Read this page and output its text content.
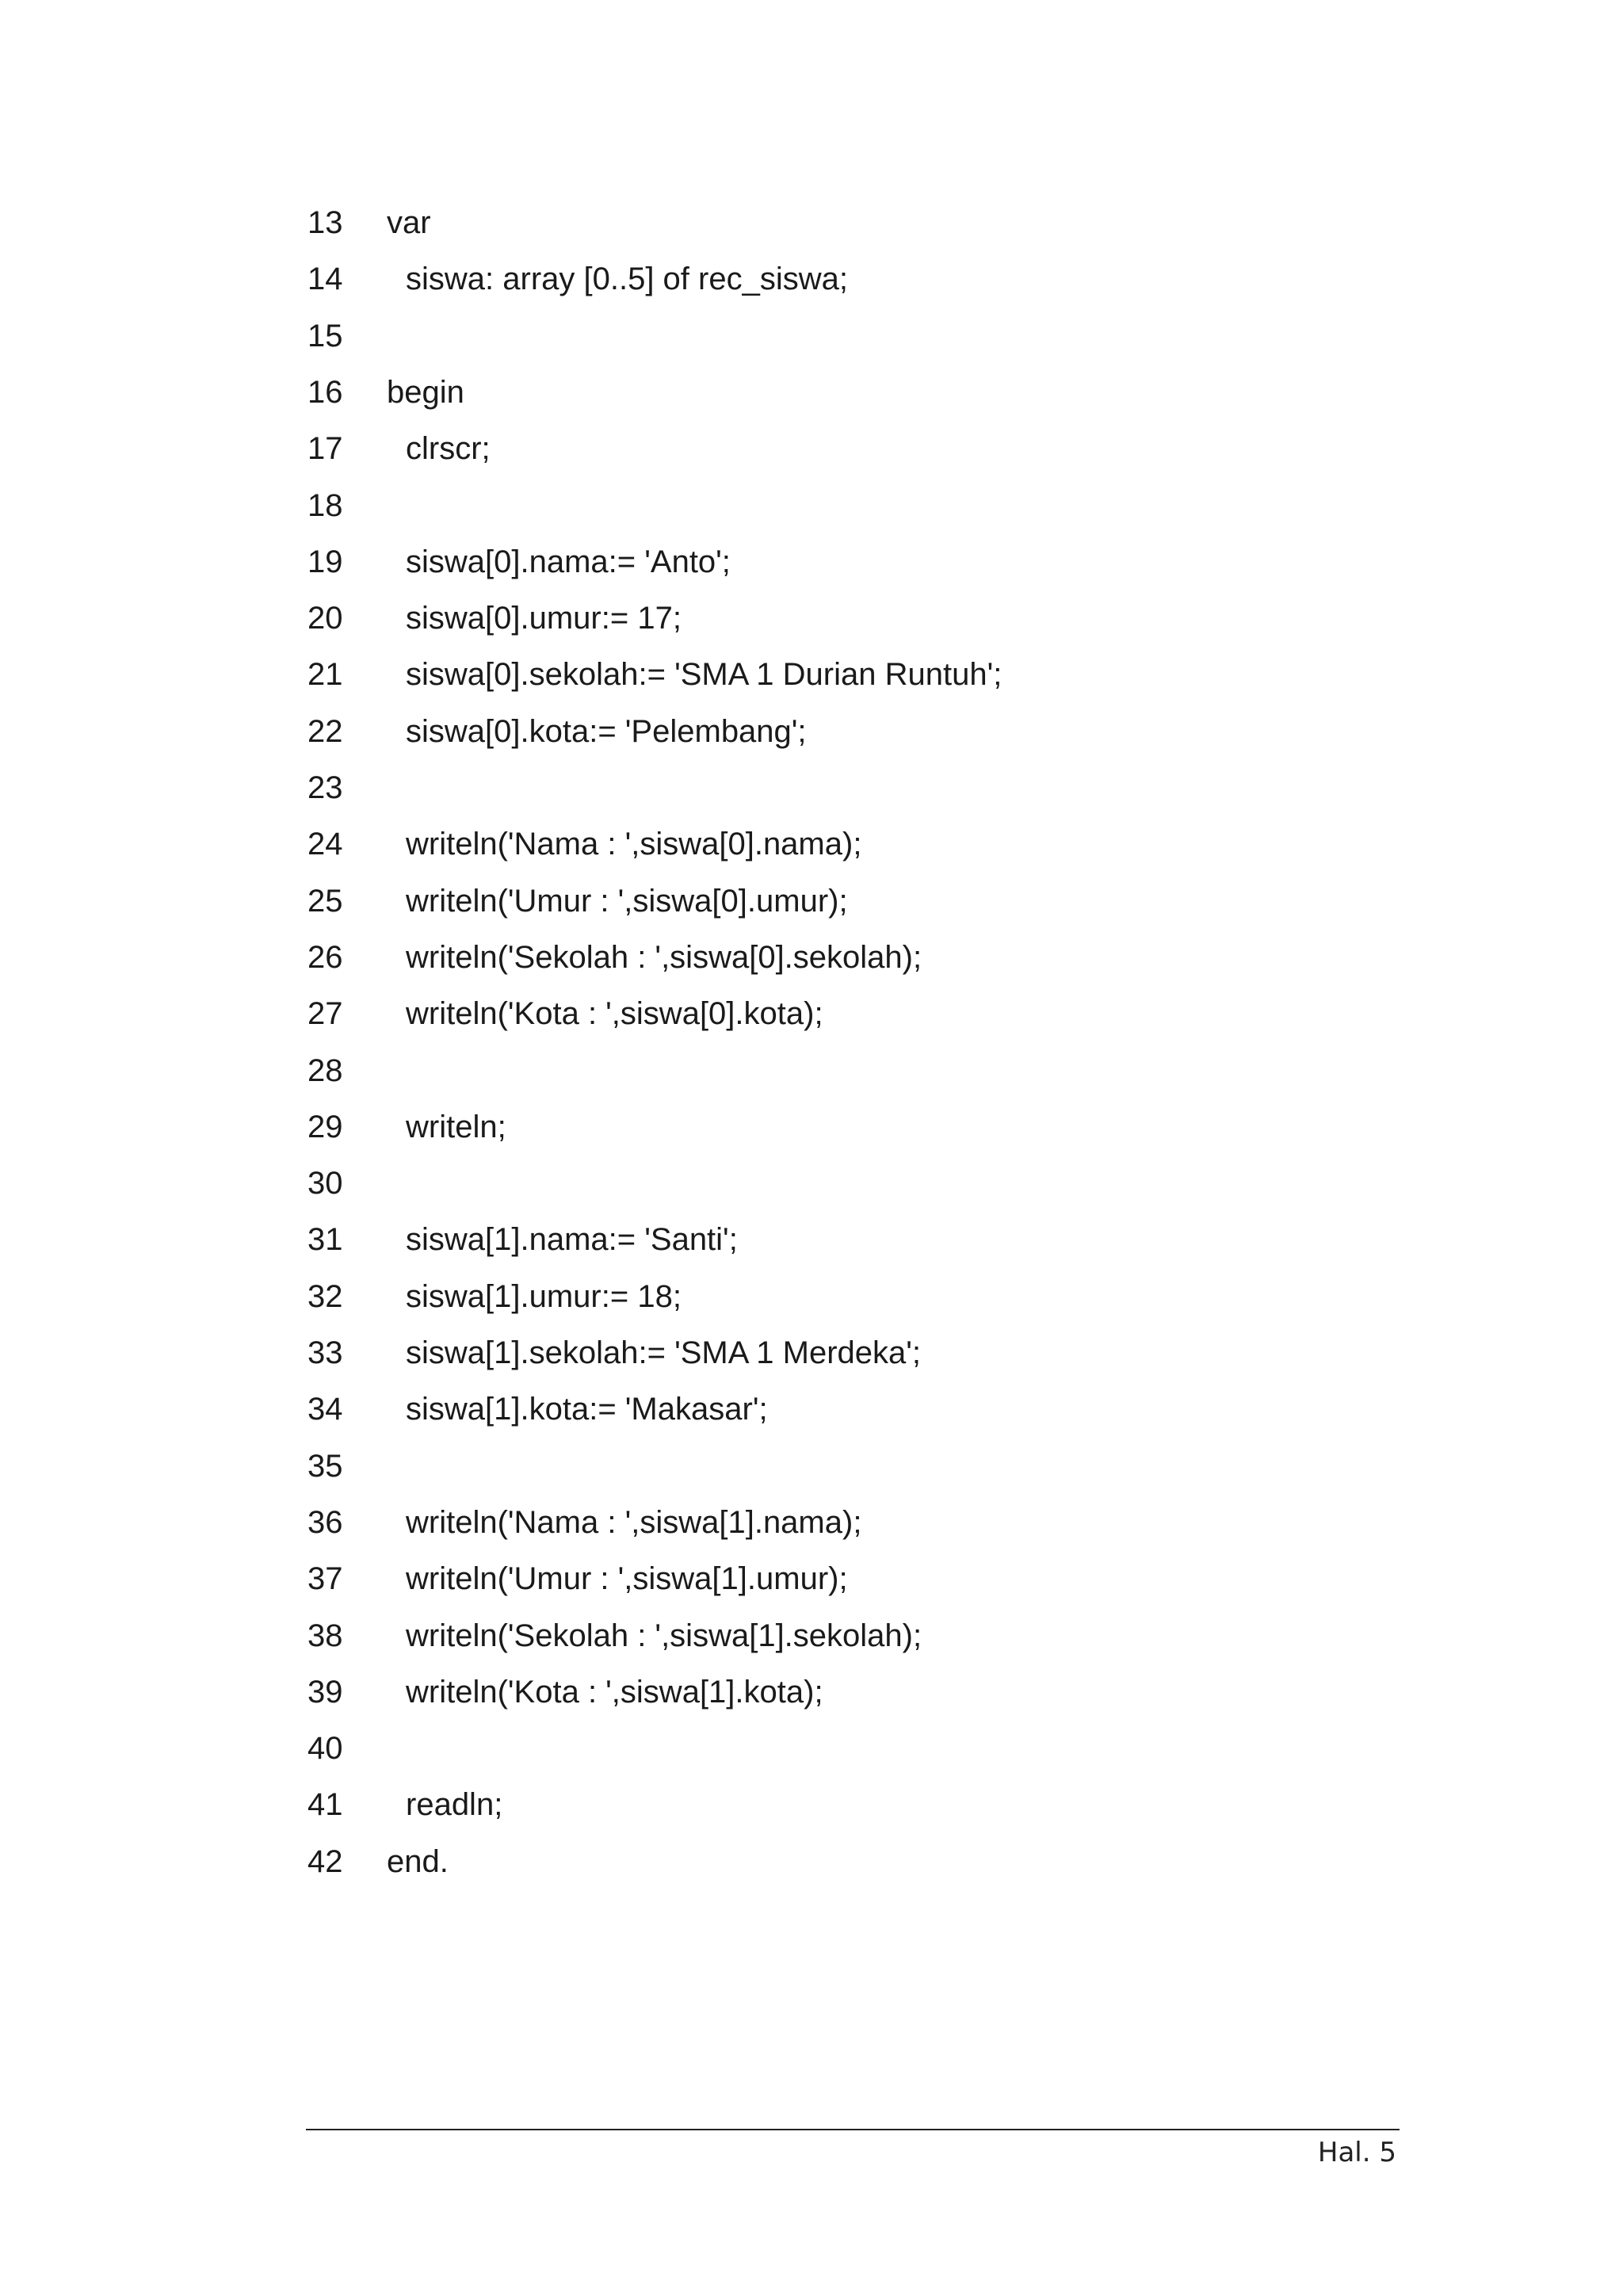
13	var
14	siswa: array [0..5] of rec_siswa;
15
16	begin
17	clrscr;
18
19	siswa[0].nama:= 'Anto';
20	siswa[0].umur:= 17;
21	siswa[0].sekolah:= 'SMA 1 Durian Runtuh';
22	siswa[0].kota:= 'Pelembang';
23
24	writeln('Nama : ',siswa[0].nama);
25	writeln('Umur : ',siswa[0].umur);
26	writeln('Sekolah : ',siswa[0].sekolah);
27	writeln('Kota : ',siswa[0].kota);
28
29	writeln;
30
31	siswa[1].nama:= 'Santi';
32	siswa[1].umur:= 18;
33	siswa[1].sekolah:= 'SMA 1 Merdeka';
34	siswa[1].kota:= 'Makasar';
35
36	writeln('Nama : ',siswa[1].nama);
37	writeln('Umur : ',siswa[1].umur);
38	writeln('Sekolah : ',siswa[1].sekolah);
39	writeln('Kota : ',siswa[1].kota);
40
41	readln;
42	end.
Hal. 5
